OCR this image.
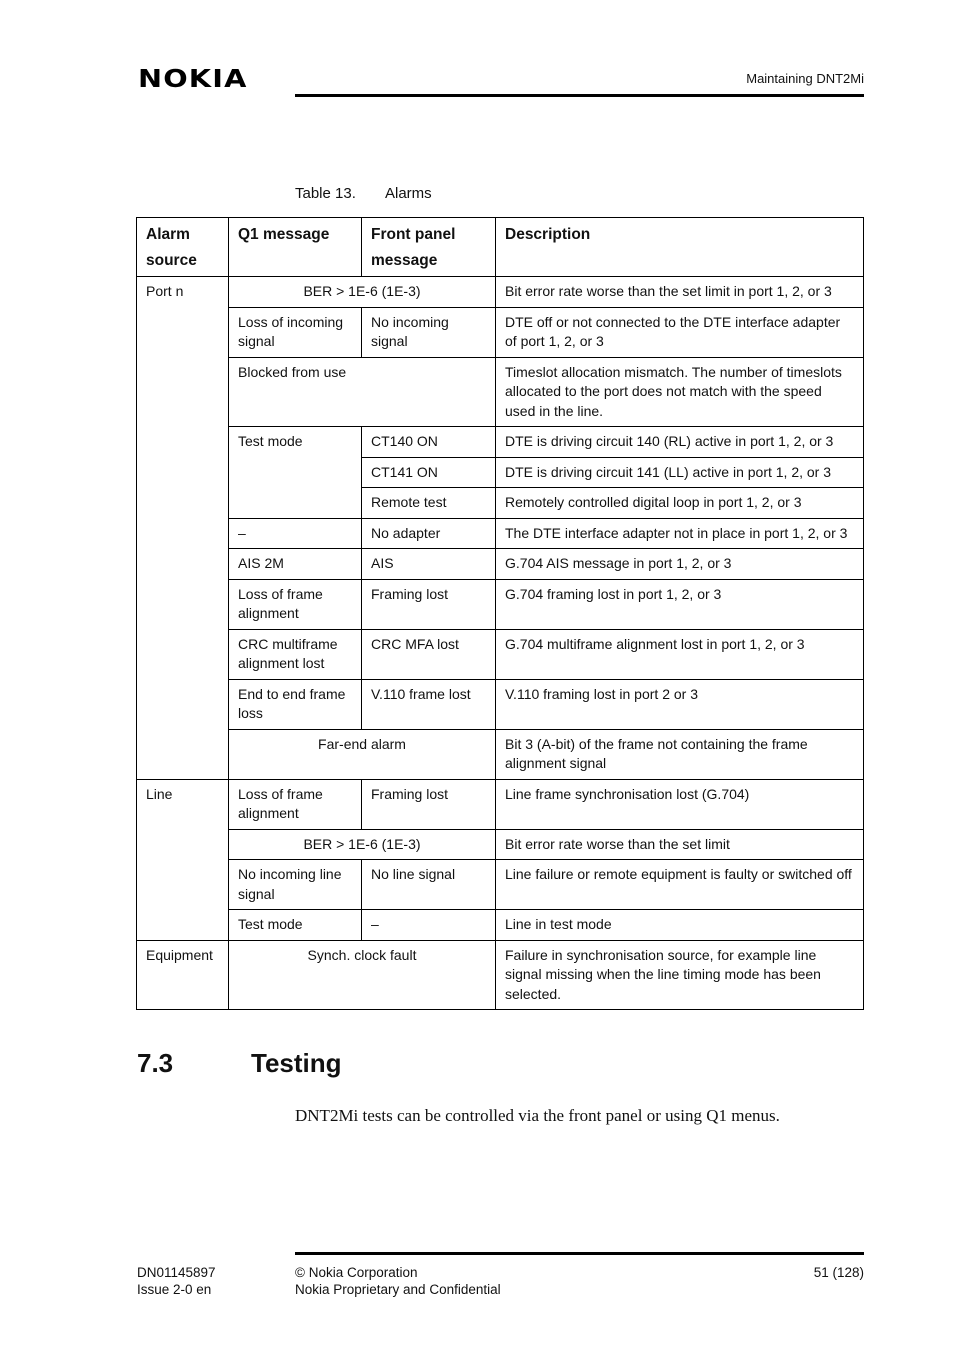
NOKIA	Maintaining DNT2Mi
Table 13. Alarms
Alarm source	Q1 message	Front panel message	Description
Port n	BER > 1E-6 (1E-3)		Bit error rate worse than the set limit in port 1, 2, or 3
	Loss of incoming signal	No incoming signal	DTE off or not connected to the DTE interface adapter of port 1, 2, or 3
	Blocked from use		Timeslot allocation mismatch. The number of timeslots allocated to the port does not match with the speed used in the line.
	Test mode	CT140 ON	DTE is driving circuit 140 (RL) active in port 1, 2, or 3
		CT141 ON	DTE is driving circuit 141 (LL) active in port 1, 2, or 3
		Remote test	Remotely controlled digital loop in port 1, 2, or 3
	–	No adapter	The DTE interface adapter not in place in port 1, 2, or 3
	AIS 2M	AIS	G.704 AIS message in port 1, 2, or 3
	Loss of frame alignment	Framing lost	G.704 framing lost in port 1, 2, or 3
	CRC multiframe alignment lost	CRC MFA lost	G.704 multiframe alignment lost in port 1, 2, or 3
	End to end frame loss	V.110 frame lost	V.110 framing lost in port 2 or 3
	Far-end alarm		Bit 3 (A-bit) of the frame not containing the frame alignment signal
Line	Loss of frame alignment	Framing lost	Line frame synchronisation lost (G.704)
	BER > 1E-6 (1E-3)		Bit error rate worse than the set limit
	No incoming line signal	No line signal	Line failure or remote equipment is faulty or switched off
	Test mode	–	Line in test mode
Equipment	Synch. clock fault		Failure in synchronisation source, for example line signal missing when the line timing mode has been selected.
7.3	Testing
DNT2Mi tests can be controlled via the front panel or using Q1 menus.
DN01145897
Issue 2-0 en
© Nokia Corporation
Nokia Proprietary and Confidential
51 (128)
